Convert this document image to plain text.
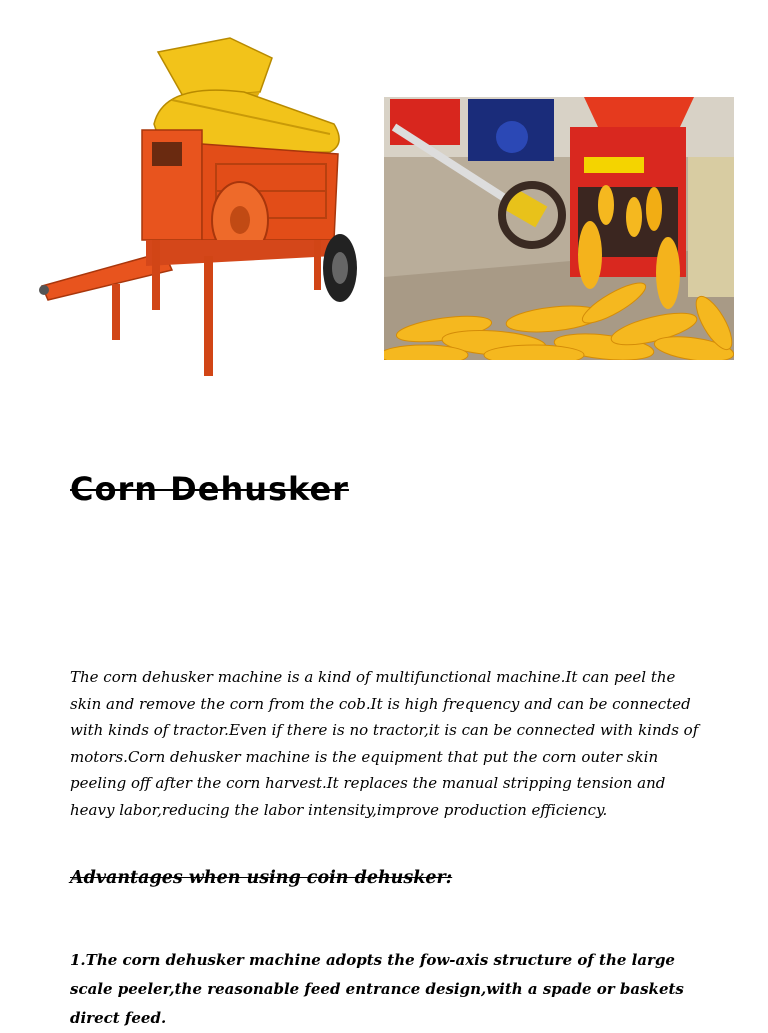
Corn Dehusker

The corn dehusker machine is a kind of multifunctional machine.It can peel the skin and remove the corn from the cob.It is high frequency and can be connected with kinds of tractor.Even if there is no tractor,it is can be connected with kinds of motors.Corn dehusker machine is the equipment that put the corn outer skin peeling off after the corn harvest.It replaces the manual stripping tension and heavy labor,reducing the labor intensity,improve production efficiency.

Advantages when using coin dehusker:

1.The corn dehusker machine adopts the fow-axis structure of the large scale peeler,the reasonable feed entrance design,with a spade or baskets direct feed.
